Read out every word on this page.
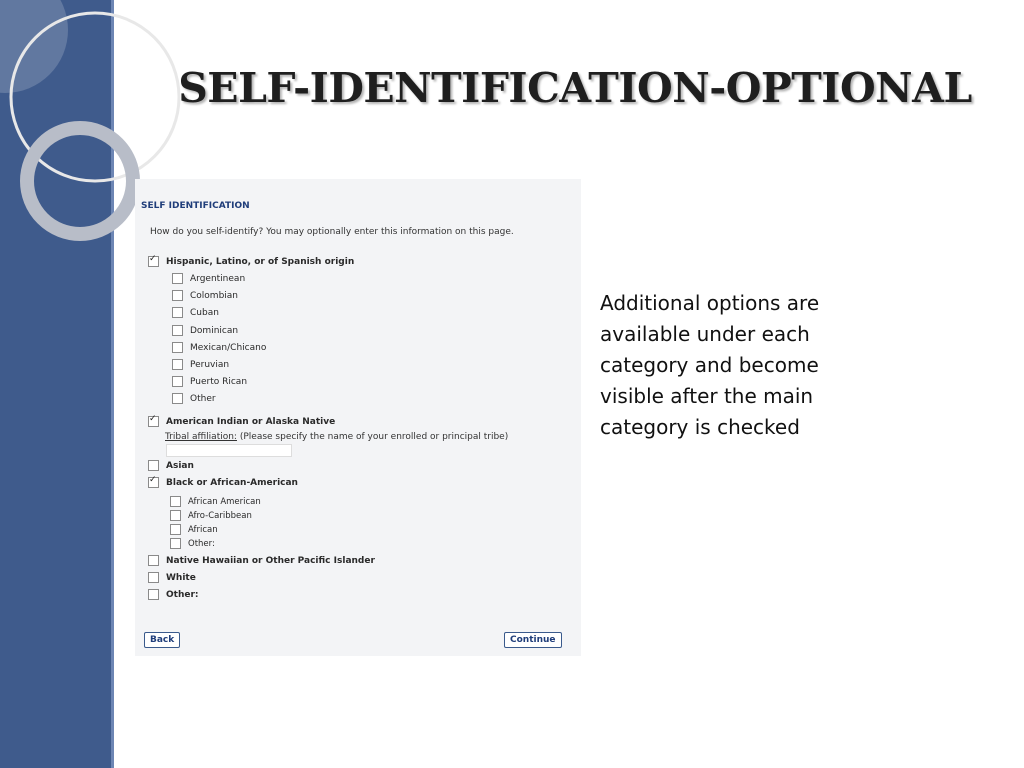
SELF-IDENTIFICATION-OPTIONAL
SELF IDENTIFICATION
How do you self-identify? You may optionally enter this information on this page.
✓
Hispanic, Latino, or of Spanish origin
Argentinean
Colombian
Cuban
Dominican
Mexican/Chicano
Peruvian
Puerto Rican
Other
✓
American Indian or Alaska Native
Tribal affiliation: (Please specify the name of your enrolled or principal tribe)
Asian
✓
Black or African-American
African American
Afro-Caribbean
African
Other:
Native Hawaiian or Other Pacific Islander
White
Other:
Back	Continue

Additional options are available under each category and become visible after the main category is checked
